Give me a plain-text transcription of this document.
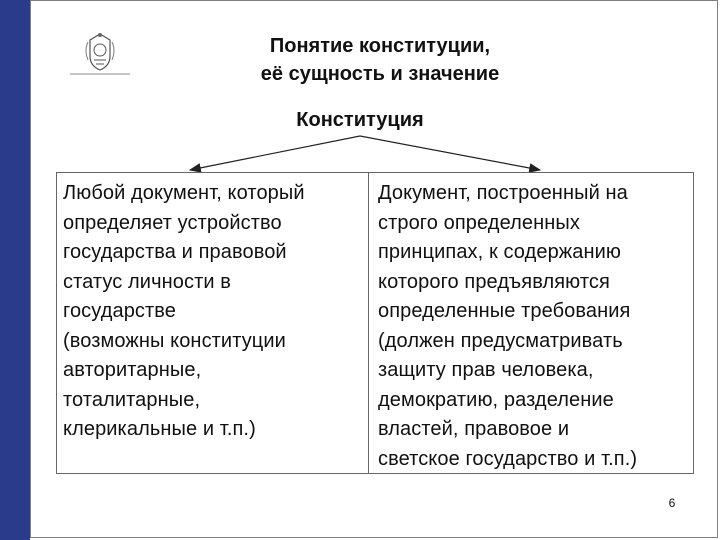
Понятие конституции,
её сущность и значение
Конституция
Любой документ, который
определяет устройство
государства и правовой
статус личности в
государстве
(возможны конституции
авторитарные,
тоталитарные,
клерикальные и т.п.)
Документ, построенный на
строго определенных
принципах, к содержанию
которого предъявляются
определенные требования
(должен предусматривать
защиту прав человека,
демократию, разделение
властей, правовое и
светское государство и т.п.)
6
